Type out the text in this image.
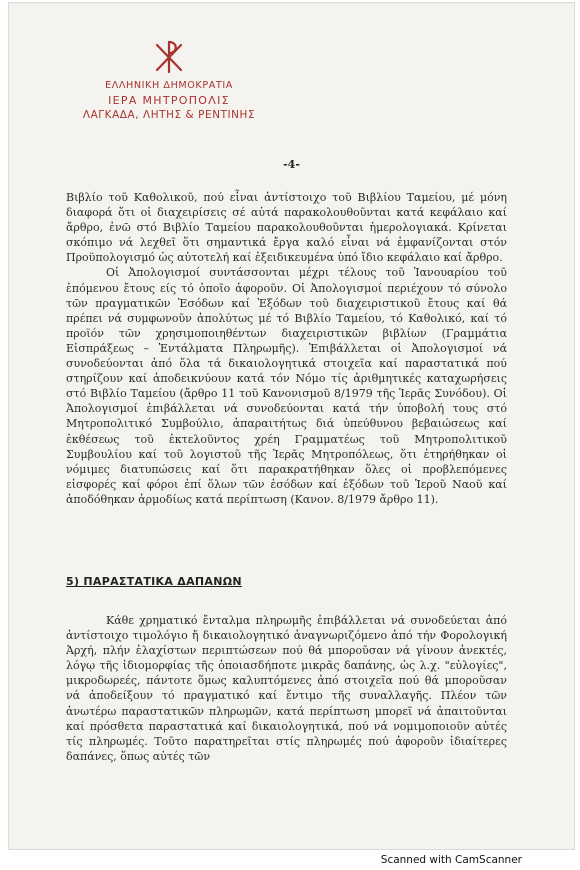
ΕΛΛΗΝΙΚΗ ΔΗΜΟΚΡΑΤΙΑ
ΙΕΡΑ ΜΗΤΡΟΠΟΛΙΣ
ΛΑΓΚΑΔΑ, ΛΗΤΗΣ & ΡΕΝΤΙΝΗΣ
-4-

Βιβλίο τοῦ Καθολικοῦ, πού εἶναι ἀντίστοιχο τοῦ Βιβλίου Ταμείου, μέ μόνη διαφορά ὅτι οἱ διαχειρίσεις σέ αὐτά παρακολουθοῦνται κατά κεφάλαιο καί ἄρθρο, ἐνῶ στό Βιβλίο Ταμείου παρακολουθοῦνται ἡμερολογιακά. Κρίνεται σκόπιμο νά λεχθεῖ ὅτι σημαντικά ἔργα καλό εἶναι νά ἐμφανίζονται στόν Προϋπολογισμό ὡς αὐτοτελή καί ἐξειδικευμένα ὑπό ἴδιο κεφάλαιο καί ἄρθρο.

Οἱ Ἀπολογισμοί συντάσσονται μέχρι τέλους τοῦ Ἰανουαρίου τοῦ ἑπόμενου ἔτους είς τό ὁποῖο ἀφοροῦν. Οἱ Ἀπολογισμοί περιέχουν τό σύνολο τῶν πραγματικῶν Ἐσόδων καί Ἐξόδων τοῦ διαχειριστικοῦ ἔτους καί θά πρέπει νά συμφωνοῦν ἀπολύτως μέ τό Βιβλίο Ταμείου, τό Καθολικό, καί τό προϊόν τῶν χρησιμοποιηθέντων διαχειριστικῶν βιβλίων (Γραμμάτια Εἰσπράξεως – Ἐντάλματα Πληρωμῆς). Ἐπιβάλλεται οἱ Ἀπολογισμοί νά συνοδεύονται ἀπό ὅλα τά δικαιολογητικά στοιχεῖα καί παραστατικά πού στηρίζουν καί ἀποδεικνύουν κατά τόν Νόμο τίς ἀριθμητικές καταχωρήσεις στό Βιβλίο Ταμείου (ἄρθρο 11 τοῦ Κανονισμοῦ 8/1979 τῆς Ἱερᾶς Συνόδου). Οἱ Ἀπολογισμοί ἐπιβάλλεται νά συνοδεύονται κατά τήν ὑποβολή τους στό Μητροπολιτικό Συμβούλιο, ἀπαραιτήτως διά ὑπεύθυνου βεβαιώσεως καί ἐκθέσεως τοῦ ἐκτελοῦντος χρέη Γραμματέως τοῦ Μητροπολιτικοῦ Συμβουλίου καί τοῦ λογιστοῦ τῆς Ἱερᾶς Μητροπόλεως, ὅτι ἐτηρήθηκαν οἱ νόμιμες διατυπώσεις καί ὅτι παρακρατήθηκαν ὅλες οἱ προβλεπόμενες εἰσφορές καί φόροι ἐπί ὅλων τῶν ἐσόδων καί ἐξόδων τοῦ Ἱεροῦ Ναοῦ καί ἀποδόθηκαν ἁρμοδίως κατά περίπτωση (Κανον. 8/1979 ἄρθρο 11).

5) ΠΑΡΑΣΤΑΤΙΚΑ ΔΑΠΑΝΩΝ

Κάθε χρηματικό ἔνταλμα πληρωμῆς ἐπιβάλλεται νά συνοδεύεται ἀπό ἀντίστοιχο τιμολόγιο ἤ δικαιολογητικό ἀναγνωριζόμενο ἀπό τήν Φορολογική Ἀρχή, πλήν ἐλαχίστων περιπτώσεων πού θά μποροῦσαν νά γίνουν ἀνεκτές, λόγῳ τῆς ἰδιομορφίας τῆς ὁποιασδήποτε μικρᾶς δαπάνης, ὡς λ.χ. "εὐλογίες", μικροδωρεές, πάντοτε ὅμως καλυπτόμενες ἀπό στοιχεῖα πού θά μποροῦσαν νά ἀποδείξουν τό πραγματικό καί ἔντιμο τῆς συναλλαγῆς. Πλέον τῶν ἀνωτέρω παραστατικῶν πληρωμῶν, κατά περίπτωση μπορεῖ νά ἀπαιτοῦνται καί πρόσθετα παραστατικά καί δικαιολογητικά, πού νά νομιμοποιοῦν αὐτές τίς πληρωμές. Τοῦτο παρατηρεῖται στίς πληρωμές πού ἀφοροῦν ἰδιαίτερες δαπάνες, ὅπως αὐτές τῶν

Scanned with CamScanner
